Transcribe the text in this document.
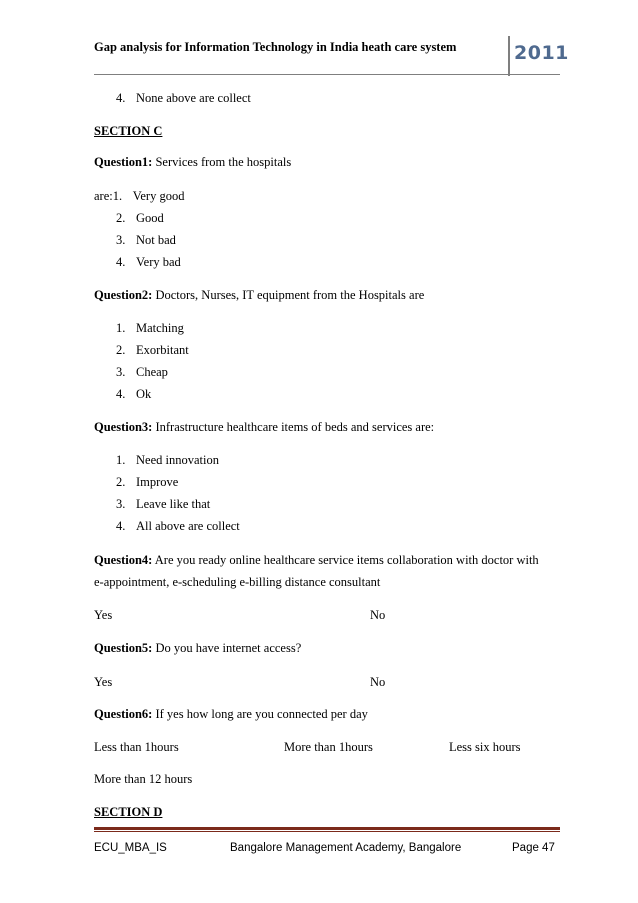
Gap analysis for Information Technology in India heath care system	2011
4. None above are collect
SECTION C
Question1: Services from the hospitals
are:1. Very good
2. Good
3. Not bad
4. Very bad
Question2: Doctors, Nurses, IT equipment from the Hospitals are
1. Matching
2. Exorbitant
3. Cheap
4. Ok
Question3: Infrastructure healthcare items of beds and services are:
1. Need innovation
2. Improve
3. Leave like that
4. All above are collect
Question4: Are you ready online healthcare service items collaboration with doctor with
e-appointment, e-scheduling e-billing distance consultant
Yes	No
Question5: Do you have internet access?
Yes	No
Question6: If yes how long are you connected per day
Less than 1hours	More than 1hours	Less six hours
More than 12 hours
SECTION D
ECU_MBA_IS	Bangalore Management Academy, Bangalore	Page 47
